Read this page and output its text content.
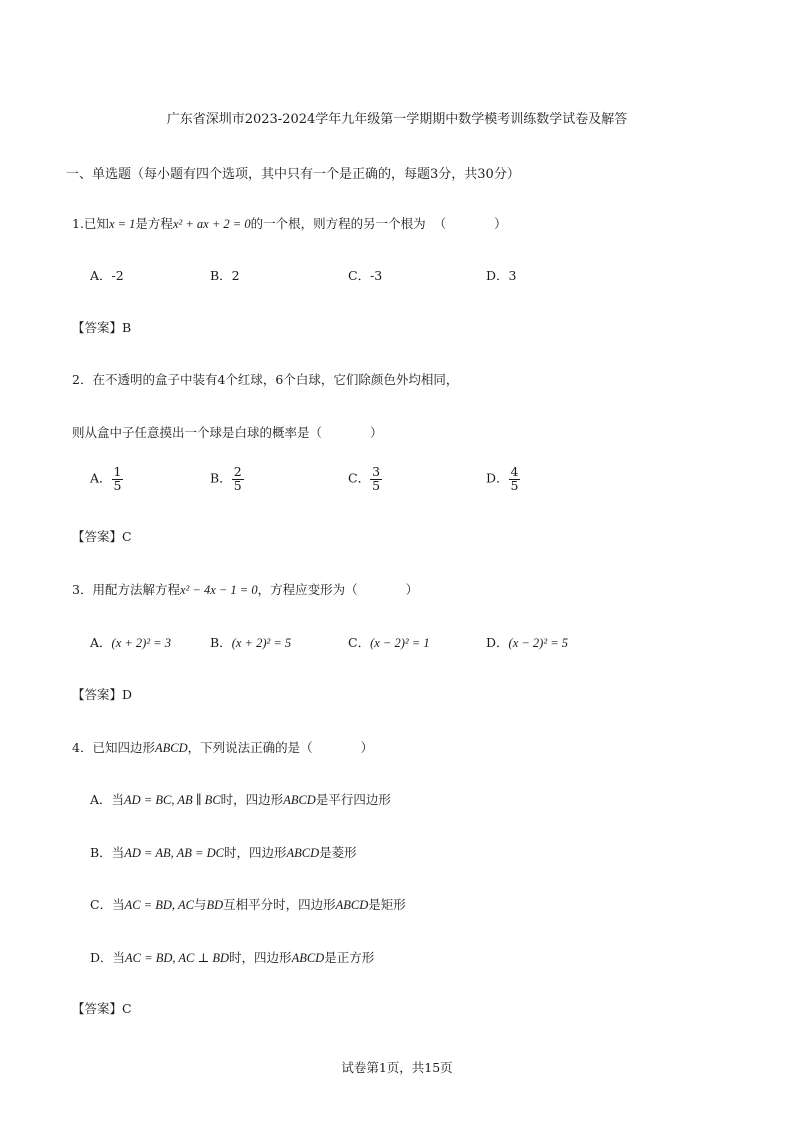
广东省深圳市2023-2024学年九年级第一学期期中数学模考训练数学试卷及解答
一、单选题（每小题有四个选项，其中只有一个是正确的，每题3分，共30分）
1.已知x = 1是方程x² + ax + 2 = 0的一个根，则方程的另一个根为 （	）
A．-2	B．2	C．-3	D．3
【答案】B
2．在不透明的盒子中装有4个红球，6个白球，它们除颜色外均相同，
则从盒中子任意摸出一个球是白球的概率是（	）
A． $\frac{1}{5}$	B． $\frac{2}{5}$	C． $\frac{3}{5}$	D． $\frac{4}{5}$
【答案】C
3．用配方法解方程x² − 4x − 1 = 0，方程应变形为（	）
A．(x + 2)² = 3	B．(x + 2)² = 5	C．(x − 2)² = 1	D．(x − 2)² = 5
【答案】D
4．已知四边形ABCD，下列说法正确的是（	）
A．当AD = BC, AB ∥ BC时，四边形ABCD是平行四边形
B．当AD = AB, AB = DC时，四边形ABCD是菱形
C．当AC = BD, AC与BD互相平分时，四边形ABCD是矩形
D．当AC = BD, AC ⊥ BD时，四边形ABCD是正方形
【答案】C
试卷第1页，共15页
